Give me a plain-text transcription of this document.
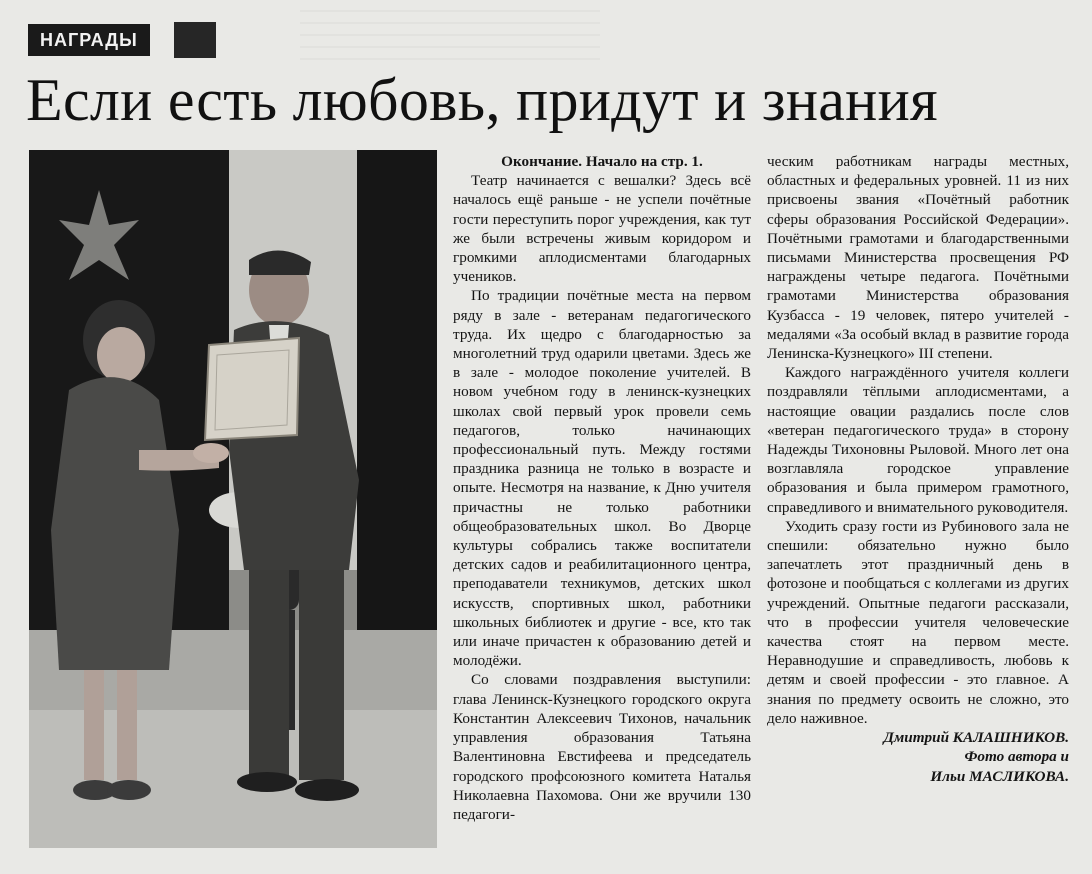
НАГРАДЫ
Если есть любовь, придут и знания

Окончание. Начало на стр. 1.

Театр начинается с вешалки? Здесь всё началось ещё раньше - не успели почётные гости переступить порог учреждения, как тут же были встречены живым коридором и громкими аплодисментами благодарных учеников.

По традиции почётные места на первом ряду в зале - ветеранам педагогического труда. Их щедро с благодарностью за многолетний труд одарили цветами. Здесь же в зале - молодое поколение учителей. В новом учебном году в ленинск-кузнецких школах свой первый урок провели семь педагогов, только начинающих профессиональный путь. Между гостями праздника разница не только в возрасте и опыте. Несмотря на название, к Дню учителя причастны не только работники общеобразовательных школ. Во Дворце культуры собрались также воспитатели детских садов и реабилитационного центра, преподаватели техникумов, детских школ искусств, спортивных школ, работники школьных библиотек и другие - все, кто так или иначе причастен к образованию детей и молодёжи.

Со словами поздравления выступили: глава Ленинск-Кузнецкого городского округа Константин Алексеевич Тихонов, начальник управления образования Татьяна Валентиновна Евстифеева и председатель городского профсоюзного комитета Наталья Николаевна Пахомова. Они же вручили 130 педагоги-

ческим работникам награды местных, областных и федеральных уровней. 11 из них присвоены звания «Почётный работник сферы образования Российской Федерации». Почётными грамотами и благодарственными письмами Министерства просвещения РФ награждены четыре педагога. Почётными грамотами Министерства образования Кузбасса - 19 человек, пятеро учителей - медалями «За особый вклад в развитие города Ленинска-Кузнецкого» III степени.

Каждого награждённого учителя коллеги поздравляли тёплыми аплодисментами, а настоящие овации раздались после слов «ветеран педагогического труда» в сторону Надежды Тихоновны Рыловой. Много лет она возглавляла городское управление образования и была примером грамотного, справедливого и внимательного руководителя.

Уходить сразу гости из Рубинового зала не спешили: обязательно нужно было запечатлеть этот праздничный день в фотозоне и пообщаться с коллегами из других учреждений. Опытные педагоги рассказали, что в профессии учителя человеческие качества стоят на первом месте. Неравнодушие и справедливость, любовь к детям и своей профессии - это главное. А знания по предмету освоить не сложно, это дело наживное.

Дмитрий КАЛАШНИКОВ.

Фото автора и

Ильи МАСЛИКОВА.
